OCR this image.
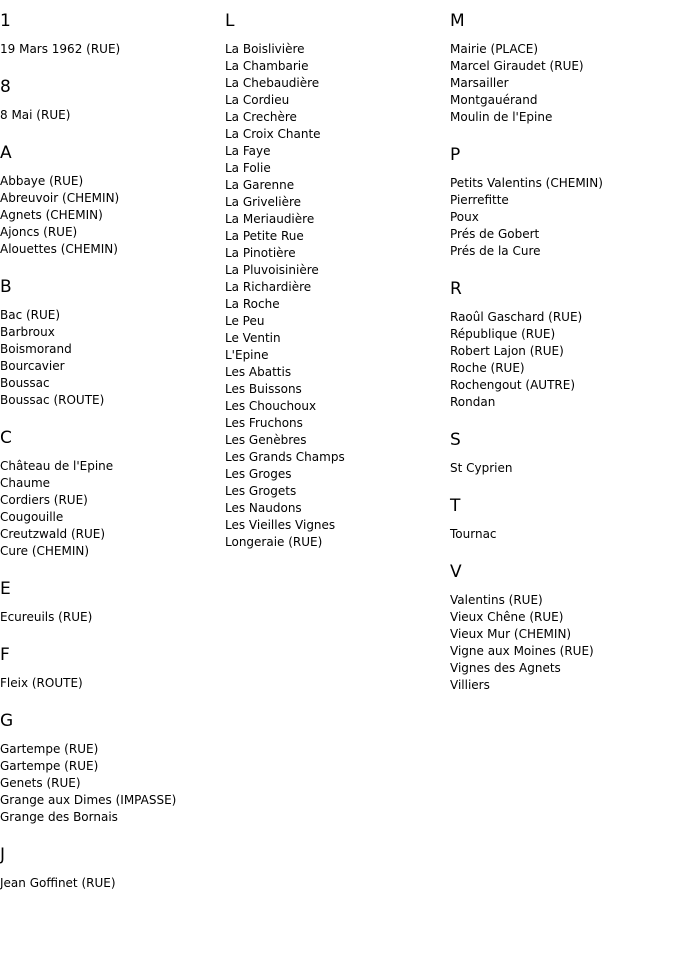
1
19 Mars 1962 (RUE)
8
8 Mai (RUE)
A
Abbaye (RUE)
Abreuvoir (CHEMIN)
Agnets (CHEMIN)
Ajoncs (RUE)
Alouettes (CHEMIN)
B
Bac (RUE)
Barbroux
Boismorand
Bourcavier
Boussac
Boussac (ROUTE)
C
Château de l'Epine
Chaume
Cordiers (RUE)
Cougouille
Creutzwald (RUE)
Cure (CHEMIN)
E
Ecureuils (RUE)
F
Fleix (ROUTE)
G
Gartempe (RUE)
Gartempe (RUE)
Genets (RUE)
Grange aux Dimes (IMPASSE)
Grange des Bornais
J
Jean Goffinet (RUE)
L
La Boislivière
La Chambarie
La Chebaudière
La Cordieu
La Crechère
La Croix Chante
La Faye
La Folie
La Garenne
La Grivelière
La Meriaudière
La Petite Rue
La Pinotière
La Pluvoisinière
La Richardière
La Roche
Le Peu
Le Ventin
L'Epine
Les Abattis
Les Buissons
Les Chouchoux
Les Fruchons
Les Genèbres
Les Grands Champs
Les Groges
Les Grogets
Les Naudons
Les Vieilles Vignes
Longeraie (RUE)
M
Mairie (PLACE)
Marcel Giraudet (RUE)
Marsailler
Montgauérand
Moulin de l'Epine
P
Petits Valentins (CHEMIN)
Pierrefitte
Poux
Prés de Gobert
Prés de la Cure
R
Raoûl Gaschard (RUE)
République (RUE)
Robert Lajon (RUE)
Roche (RUE)
Rochengout (AUTRE)
Rondan
S
St Cyprien
T
Tournac
V
Valentins (RUE)
Vieux Chêne (RUE)
Vieux Mur (CHEMIN)
Vigne aux Moines (RUE)
Vignes des Agnets
Villiers
